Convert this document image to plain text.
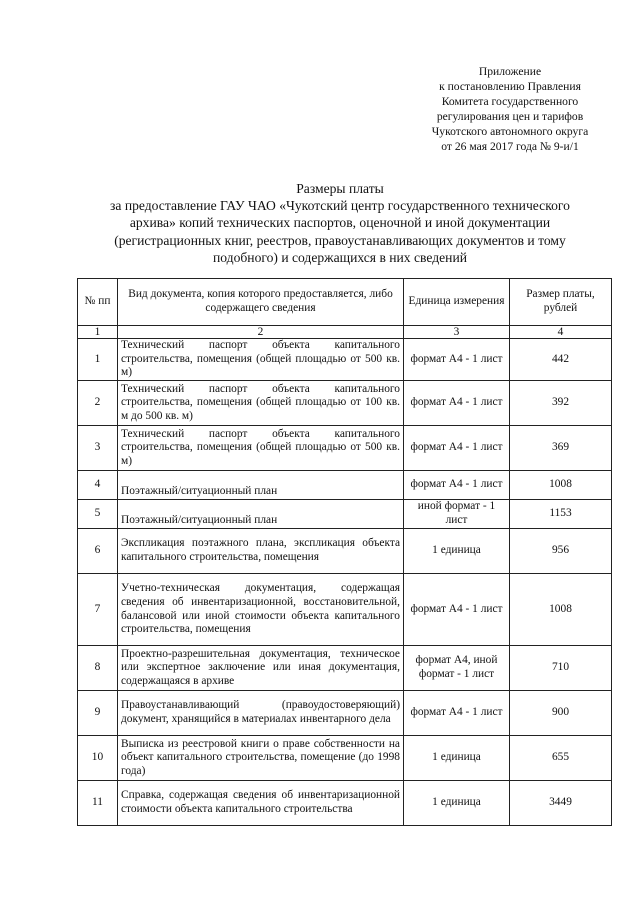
Приложение
к постановлению Правления
Комитета государственного
регулирования цен и тарифов
Чукотского автономного округа
от 26 мая 2017 года № 9-и/1
Размеры платы
за предоставление ГАУ ЧАО «Чукотский центр государственного технического
архива» копий технических паспортов, оценочной и иной документации
(регистрационных книг, реестров, правоустанавливающих документов и тому
подобного) и содержащихся в них сведений
№ пп	Вид документа, копия которого предоставляется, либо содержащего сведения	Единица измерения	Размер платы, рублей
1	2	3	4
1	Технический паспорт объекта капитального строительства, помещения (общей площадью от 500 кв. м)	формат А4 - 1 лист	442
2	Технический паспорт объекта капитального строительства, помещения (общей площадью от 100 кв. м до 500 кв. м)	формат А4 - 1 лист	392
3	Технический паспорт объекта капитального строительства, помещения (общей площадью от 500 кв. м)	формат А4 - 1 лист	369
4	Поэтажный/ситуационный план	формат А4 - 1 лист	1008
5	Поэтажный/ситуационный план	иной формат - 1 лист	1153
6	Экспликация поэтажного плана, экспликация объекта капитального строительства, помещения	1 единица	956
7	Учетно-техническая документация, содержащая сведения об инвентаризационной, восстановительной, балансовой или иной стоимости объекта капитального строительства, помещения	формат А4 - 1 лист	1008
8	Проектно-разрешительная документация, техническое или экспертное заключение или иная документация, содержащаяся в архиве	формат А4, иной формат - 1 лист	710
9	Правоустанавливающий (правоудостоверяющий) документ, хранящийся в материалах инвентарного дела	формат А4 - 1 лист	900
10	Выписка из реестровой книги о праве собственности на объект капитального строительства, помещение (до 1998 года)	1 единица	655
11	Справка, содержащая сведения об инвентаризационной стоимости объекта капитального строительства	1 единица	3449
